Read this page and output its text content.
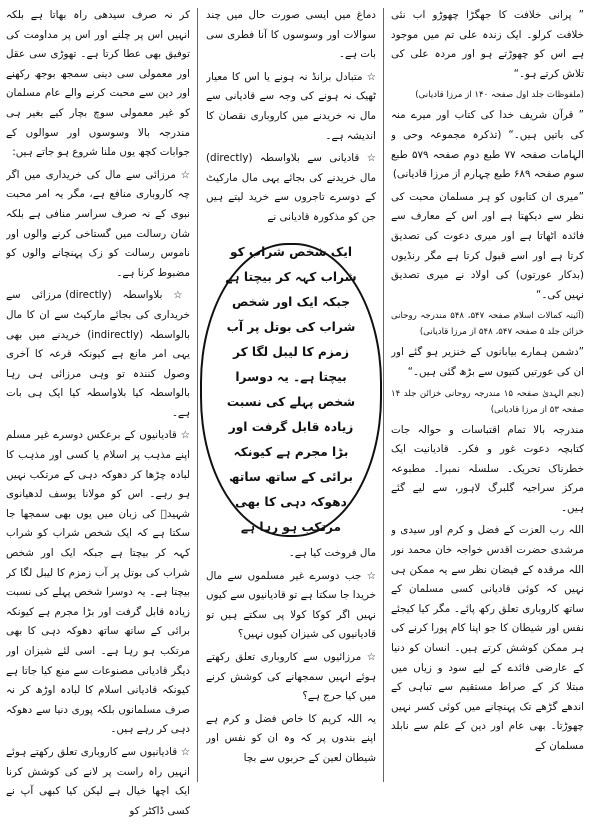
” پرانی خلافت کا جھگڑا چھوڑو اب نئی خلافت کرلو۔ ایک زندہ علی تم میں موجود ہے اس کو چھوڑتے ہو اور مردہ علی کی تلاش کرتے ہو۔“

(ملفوظات جلد اول صفحہ ۱۴۰ از مرزا قادیانی)

” قرآن شریف خدا کی کتاب اور میرے منہ کی باتیں ہیں۔“ (تذکرہ مجموعہ وحی و الہامات صفحہ ۷۷ طبع دوم صفحہ ۵۷۹ طبع سوم صفحہ ۶۸۹ طبع چہارم از مرزا قادیانی)

”میری ان کتابوں کو ہر مسلمان محبت کی نظر سے دیکھتا ہے اور اس کے معارف سے فائدہ اٹھاتا ہے اور میری دعوت کی تصدیق کرتا ہے اور اسے قبول کرتا ہے مگر رنڈیوں (بدکار عورتوں) کی اولاد نے میری تصدیق نہیں کی۔“

(آئینہ کمالات اسلام صفحہ ۵۴۷، ۵۴۸ مندرجہ روحانی خزائن جلد ۵ صفحہ ۵۴۷، ۵۴۸ از مرزا قادیانی)

”دشمن ہمارے بیابانوں کے خنزیر ہو گئے اور ان کی عورتیں کتیوں سے بڑھ گئی ہیں۔“

(نجم الہدیٰ صفحہ ۱۵ مندرجہ روحانی خزائن جلد ۱۴ صفحہ ۵۳ از مرزا قادیانی)

مندرجہ بالا تمام اقتباسات و حوالہ جات کتابچہ دعوت غور و فکر۔ قادیانیت ایک خطرناک تحریک۔ سلسلہ نمبرا۔ مطبوعہ مرکز سراجیہ گلبرگ لاہور، سے لیے گئے ہیں۔

اللہ رب العزت کے فضل و کرم اور سیدی و مرشدی حضرت اقدس خواجہ خان محمد نور اللہ مرقدہ کے فیضان نظر سے یہ ممکن ہی نہیں کہ کوئی قادیانی کسی مسلمان کے ساتھ کاروباری تعلق رکھ پائے۔ مگر کیا کیجئے نفس اور شیطان کا جو اپنا کام پورا کرنے کی ہر ممکن کوشش کرتے ہیں۔ انسان کو دنیا کے عارضی فائدے کے لیے سود و زیاں میں مبتلا کر کے صراط مستقیم سے تباہی کے اندھے گڑھے تک پہنچانے میں کوئی کسر نہیں چھوڑتا۔ بھی عام اور دین کے علم سے نابلد مسلمان کے

دماغ میں ایسی صورت حال میں چند سوالات اور وسوسوں کا آنا فطری سی بات ہے۔

☆ متبادل برانڈ نہ ہونے یا اس کا معیار ٹھیک نہ ہونے کی وجہ سے قادیانی سے مال نہ خریدنے میں کاروباری نقصان کا اندیشہ ہے۔

☆ قادیانی سے بلاواسطہ (directly) مال خریدنے کی بجائے یہی مال مارکیٹ کے دوسرے تاجروں سے خرید لیتے ہیں جن کو مذکورہ قادیانی نے

ایک شخص شراب کو شراب کہہ کر بیچتا ہے جبکہ ایک اور شخص شراب کی بوتل پر آب زمزم کا لیبل لگا کر بیچتا ہے۔ یہ دوسرا شخص پہلے کی نسبت زیادہ قابل گرفت اور بڑا مجرم ہے کیونکہ برائی کے ساتھ ساتھ دھوکہ دہی کا بھی مرتکب ہو رہا ہے

مال فروخت کیا ہے۔

☆ جب دوسرے غیر مسلموں سے مال خریدا جا سکتا ہے تو قادیانیوں سے کیوں نہیں اگر کوکا کولا پی سکتے ہیں تو قادیانیوں کی شیزان کیوں نہیں؟

☆ مرزائیوں سے کاروباری تعلق رکھتے ہوئے انہیں سمجھانے کی کوشش کرنے میں کیا حرج ہے؟

یہ اللہ کریم کا خاص فضل و کرم ہے اپنے بندوں پر کہ وہ ان کو نفس اور شیطان لعین کے حربوں سے بچا

کر نہ صرف سیدھی راہ بھاتا ہے بلکہ انہیں اس پر چلنے اور اس پر مداومت کی توفیق بھی عطا کرتا ہے۔ تھوڑی سی عقل اور معمولی سی دینی سمجھ بوجھ رکھنے اور دین سے محبت کرنے والے عام مسلمان کو غیر معمولی سوچ بچار کیے بغیر ہی مندرجہ بالا وسوسوں اور سوالوں کے جوابات کچھ یوں ملنا شروع ہو جاتے ہیں:

☆ مرزائی سے مال کی خریداری میں اگر چہ کاروباری منافع ہے، مگر یہ امر محبت نبوی کے نہ صرف سراسر منافی ہے بلکہ شان رسالت میں گستاخی کرنے والوں اور ناموس رسالت کو زک پہنچانے والوں کو مضبوط کرنا ہے۔

☆ بلاواسطہ (directly) مرزائی سے خریداری کی بجائے مارکیٹ سے ان کا مال بالواسطہ (indirectly) خریدنے میں بھی یہی امر مانع ہے کیونکہ قرعہ کا آخری وصول کنندہ تو وہی مرزائی ہی رہا بالواسطہ کیا بلاواسطہ کیا ایک ہی بات ہے۔

☆ قادیانیوں کے برعکس دوسرے غیر مسلم اپنے مذہب پر اسلام یا کسی اور مذہب کا لبادہ چڑھا کر دھوکہ دہی کے مرتکب نہیں ہو رہے۔ اس کو مولانا یوسف لدھیانوی شہیدؒ کی زبان میں یوں بھی سمجھا جا سکتا ہے کہ ایک شخص شراب کو شراب کہہ کر بیچتا ہے جبکہ ایک اور شخص شراب کی بوتل پر آب زمزم کا لیبل لگا کر بیچتا ہے۔ یہ دوسرا شخص پہلے کی نسبت زیادہ قابل گرفت اور بڑا مجرم ہے کیونکہ برائی کے ساتھ ساتھ دھوکہ دہی کا بھی مرتکب ہو رہا ہے۔ اسی لئے شیزان اور دیگر قادیانی مصنوعات سے منع کیا جاتا ہے کیونکہ قادیانی اسلام کا لبادہ اوڑھ کر نہ صرف مسلمانوں بلکہ پوری دنیا سے دھوکہ دہی کر رہے ہیں۔

☆ قادیانیوں سے کاروباری تعلق رکھتے ہوئے انہیں راہ راست پر لانے کی کوشش کرنا ایک اچھا خیال ہے لیکن کیا کبھی آپ نے کسی ڈاکٹر کو
